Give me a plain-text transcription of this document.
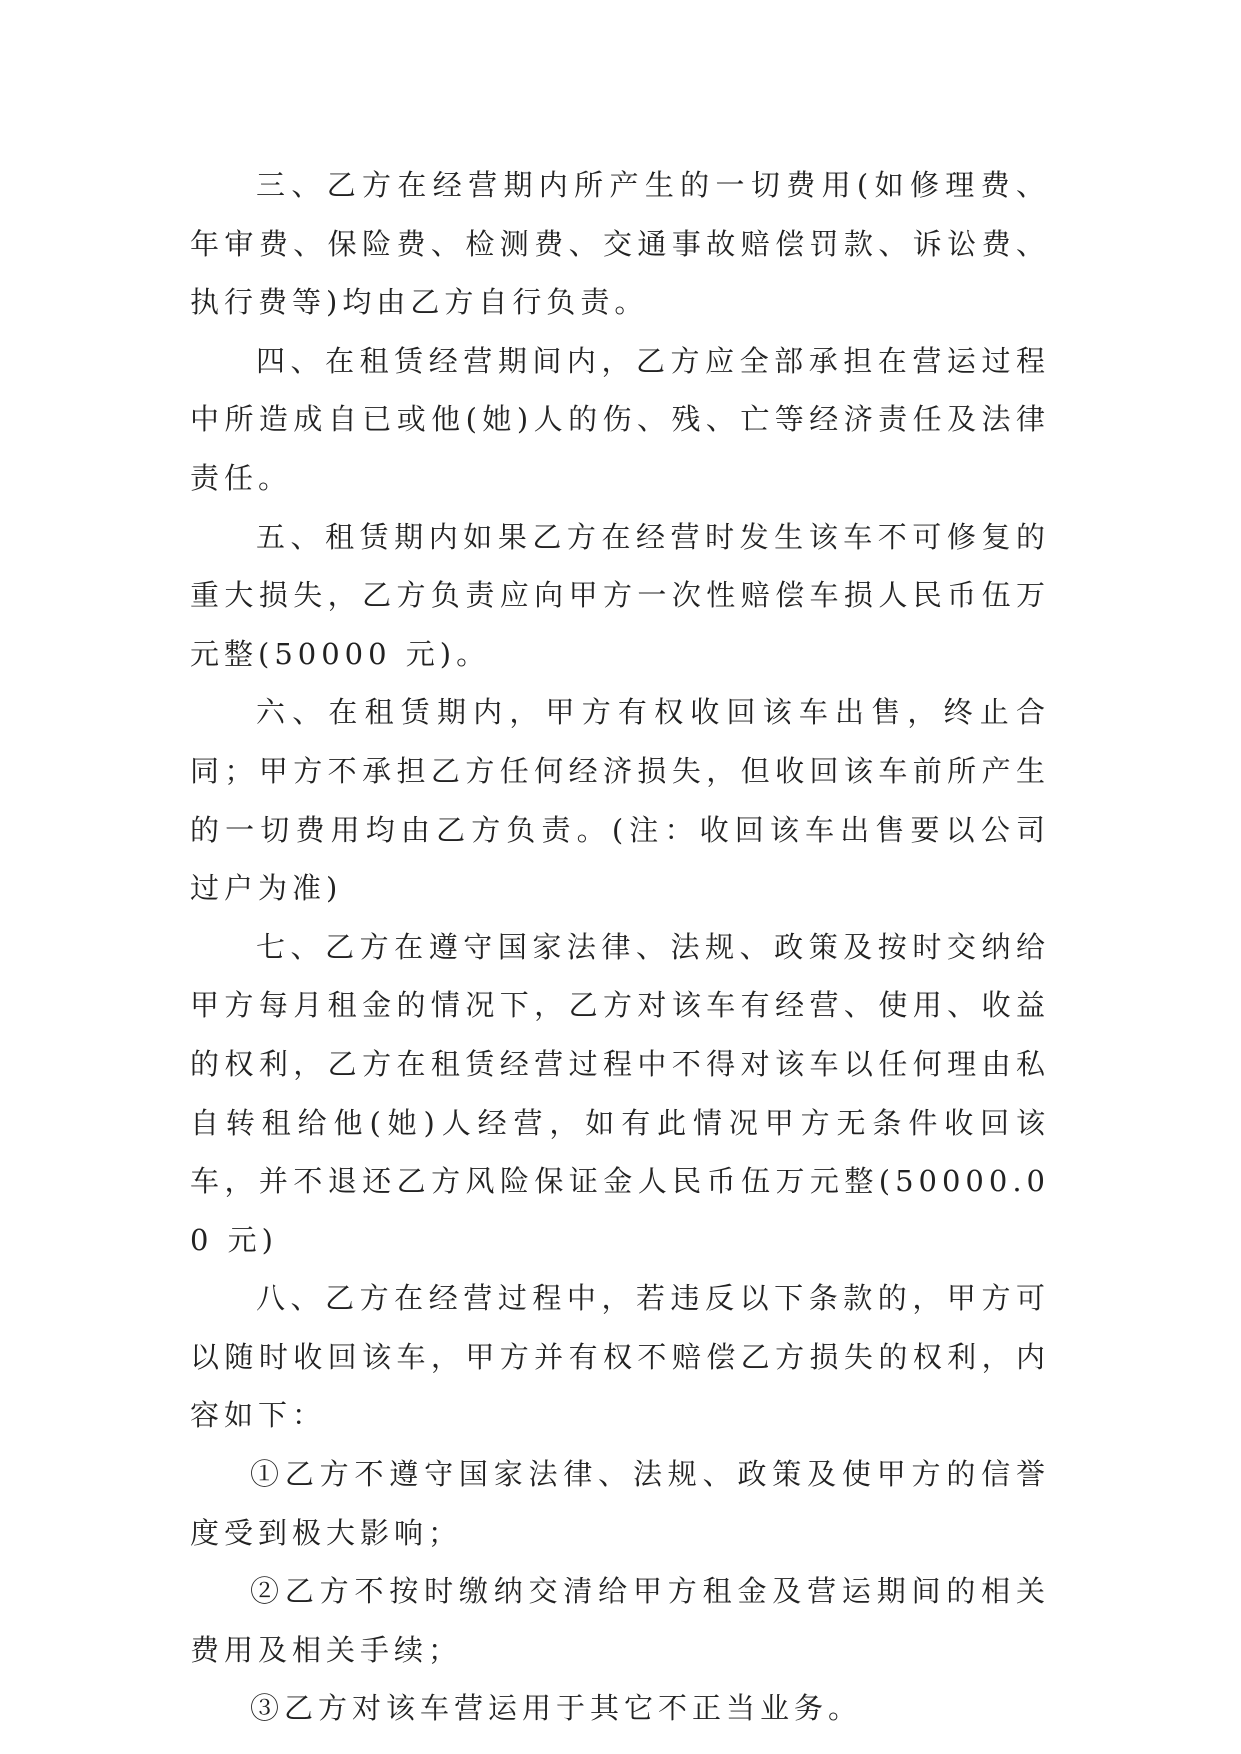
三、乙方在经营期内所产生的一切费用(如修理费、年审费、保险费、检测费、交通事故赔偿罚款、诉讼费、执行费等)均由乙方自行负责。

四、在租赁经营期间内，乙方应全部承担在营运过程中所造成自已或他(她)人的伤、残、亡等经济责任及法律责任。

五、租赁期内如果乙方在经营时发生该车不可修复的重大损失，乙方负责应向甲方一次性赔偿车损人民币伍万元整(50000 元)。

六、在租赁期内，甲方有权收回该车出售，终止合同；甲方不承担乙方任何经济损失，但收回该车前所产生的一切费用均由乙方负责。(注：收回该车出售要以公司过户为准)

七、乙方在遵守国家法律、法规、政策及按时交纳给甲方每月租金的情况下，乙方对该车有经营、使用、收益的权利，乙方在租赁经营过程中不得对该车以任何理由私自转租给他(她)人经营，如有此情况甲方无条件收回该车，并不退还乙方风险保证金人民币伍万元整(50000.00 元)

八、乙方在经营过程中，若违反以下条款的，甲方可以随时收回该车，甲方并有权不赔偿乙方损失的权利，内容如下：

①乙方不遵守国家法律、法规、政策及使甲方的信誉度受到极大影响；

②乙方不按时缴纳交清给甲方租金及营运期间的相关费用及相关手续；

③乙方对该车营运用于其它不正当业务。
